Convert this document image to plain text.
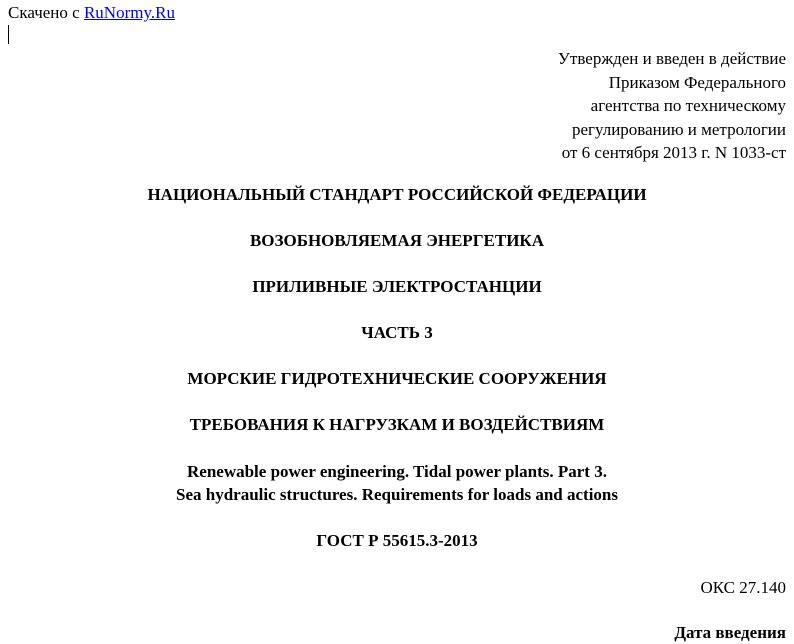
Скачено с RuNormy.Ru
Утвержден и введен в действие
Приказом Федерального
агентства по техническому
регулированию и метрологии
от 6 сентября 2013 г. N 1033-ст
НАЦИОНАЛЬНЫЙ СТАНДАРТ РОССИЙСКОЙ ФЕДЕРАЦИИ
ВОЗОБНОВЛЯЕМАЯ ЭНЕРГЕТИКА
ПРИЛИВНЫЕ ЭЛЕКТРОСТАНЦИИ
ЧАСТЬ 3
МОРСКИЕ ГИДРОТЕХНИЧЕСКИЕ СООРУЖЕНИЯ
ТРЕБОВАНИЯ К НАГРУЗКАМ И ВОЗДЕЙСТВИЯМ
Renewable power engineering. Tidal power plants. Part 3.
Sea hydraulic structures. Requirements for loads and actions
ГОСТ Р 55615.3-2013
ОКС 27.140
Дата введения
